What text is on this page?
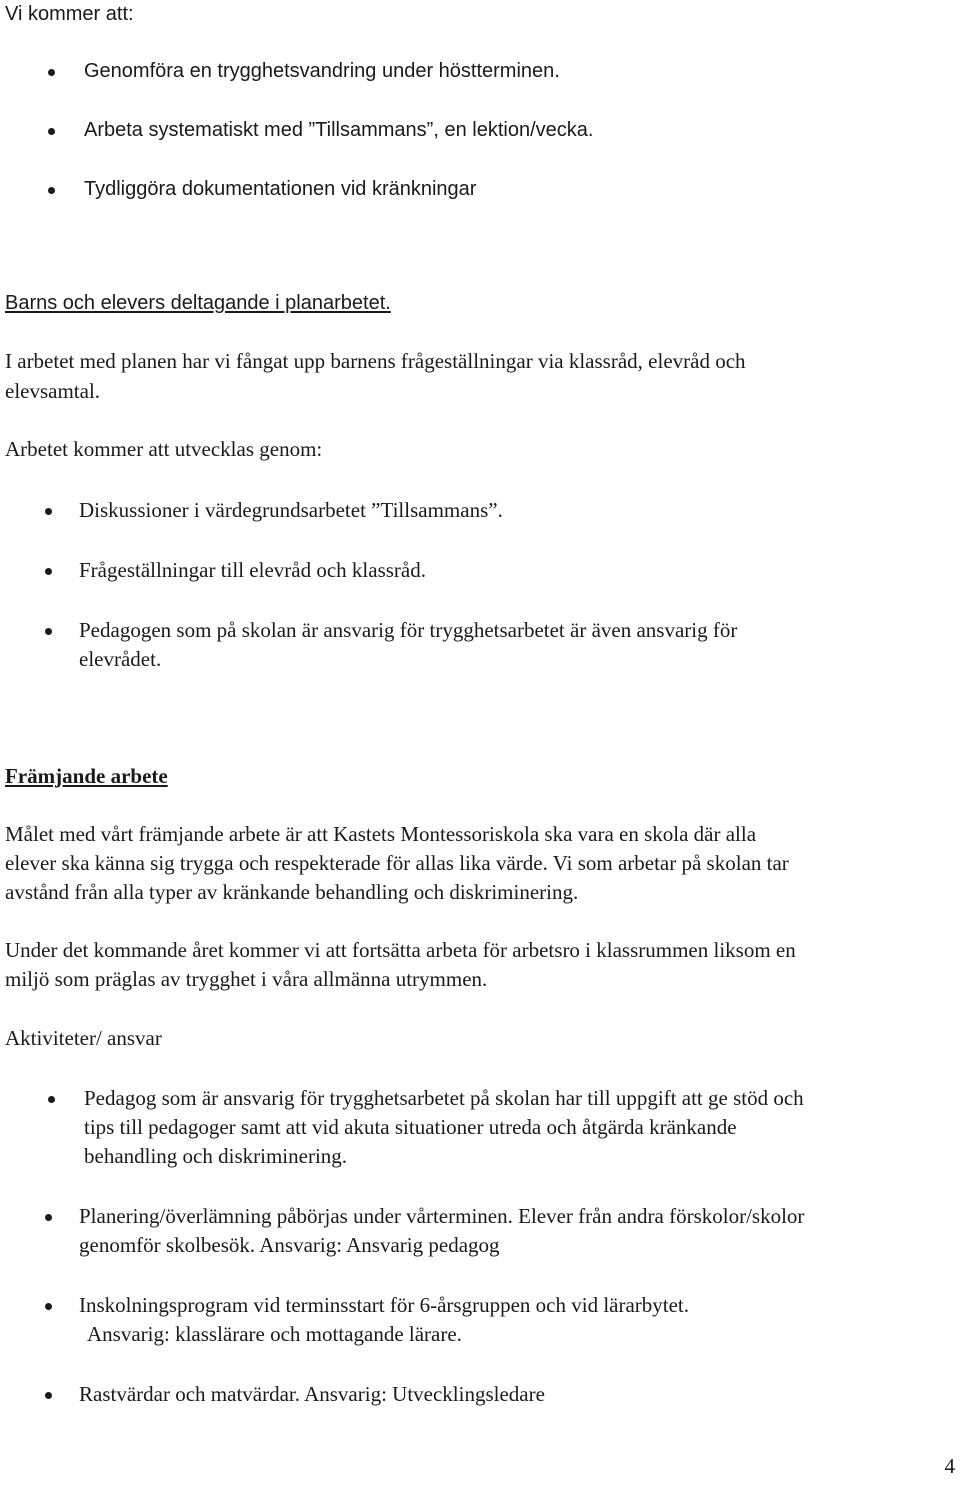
Vi kommer att:
Genomföra en trygghetsvandring under höstterminen.
Arbeta systematiskt med ”Tillsammans”, en lektion/vecka.
Tydliggöra dokumentationen vid kränkningar
Barns och elevers deltagande i planarbetet.
I arbetet med planen har vi fångat upp barnens frågeställningar via klassråd, elevråd och
elevsamtal.
Arbetet kommer att utvecklas genom:
Diskussioner i värdegrundsarbetet ”Tillsammans”.
Frågeställningar till elevråd och klassråd.
Pedagogen som på skolan är ansvarig för trygghetsarbetet är även ansvarig för
elevrådet.
Främjande arbete
Målet med vårt främjande arbete är att Kastets Montessoriskola ska vara en skola där alla
elever ska känna sig trygga och respekterade för allas lika värde. Vi som arbetar på skolan tar
avstånd från alla typer av kränkande behandling och diskriminering.
Under det kommande året kommer vi att fortsätta arbeta för arbetsro i klassrummen liksom en
miljö som präglas av trygghet i våra allmänna utrymmen.
Aktiviteter/ ansvar
Pedagog som är ansvarig för trygghetsarbetet på skolan har till uppgift att ge stöd och
tips till pedagoger samt att vid akuta situationer utreda och åtgärda kränkande
behandling och diskriminering.
Planering/överlämning påbörjas under vårterminen. Elever från andra förskolor/skolor
genomför skolbesök. Ansvarig: Ansvarig pedagog
Inskolningsprogram vid terminsstart för 6-årsgruppen och vid lärarbytet.
Ansvarig: klasslärare och mottagande lärare.
Rastvärdar och matvärdar. Ansvarig: Utvecklingsledare
4
